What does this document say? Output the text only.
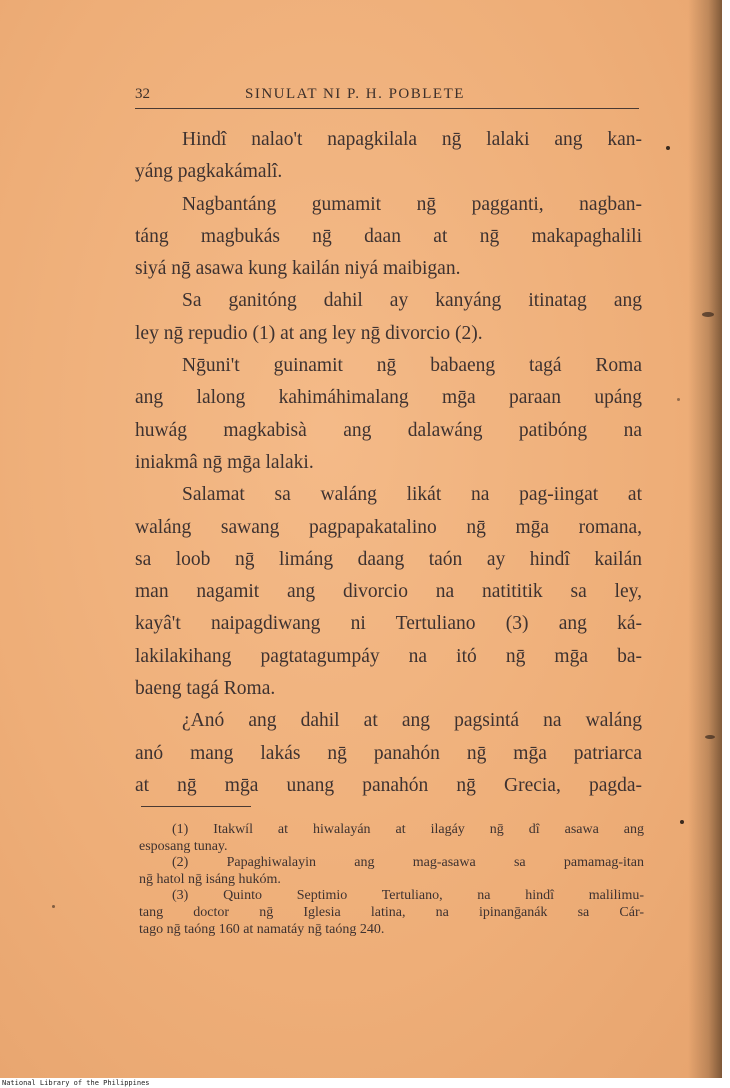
32	SINULAT NI P. H. POBLETE
Hindî nalao't napagkilala nḡ lalaki ang kan-
yáng pagkakámalî.
Nagbantáng gumamit nḡ pagganti, nagban-
táng magbukás nḡ daan at nḡ makapaghalili
siyá nḡ asawa kung kailán niyá maibigan.
Sa ganitóng dahil ay kanyáng itinatag ang
ley nḡ repudio (1) at ang ley nḡ divorcio (2).
Nḡuni't guinamit nḡ babaeng tagá Roma
ang lalong kahimáhimalang mḡa paraan upáng
huwág magkabisà ang dalawáng patibóng na
iniakmâ nḡ mḡa lalaki.
Salamat sa waláng likát na pag-iingat at
waláng sawang pagpapakatalino nḡ mḡa romana,
sa loob nḡ limáng daang taón ay hindî kailán
man nagamit ang divorcio na natititik sa ley,
kayâ't naipagdiwang ni Tertuliano (3) ang ká-
lakilakihang pagtatagumpáy na itó nḡ mḡa ba-
baeng tagá Roma.
¿Anó ang dahil at ang pagsintá na waláng
anó mang lakás nḡ panahón nḡ mḡa patriarca
at nḡ mḡa unang panahón nḡ Grecia, pagda-
(1) Itakwíl at hiwalayán at ilagáy nḡ dî asawa ang
esposang tunay.
(2) Papaghiwalayin ang mag-asawa sa pamamag-itan
nḡ hatol nḡ isáng hukóm.
(3) Quinto Septimio Tertuliano, na hindî malilimu-
tang doctor nḡ Iglesia latina, na ipinanḡanák sa Cár-
tago nḡ taóng 160 at namatáy nḡ taóng 240.
National Library of the Philippines
